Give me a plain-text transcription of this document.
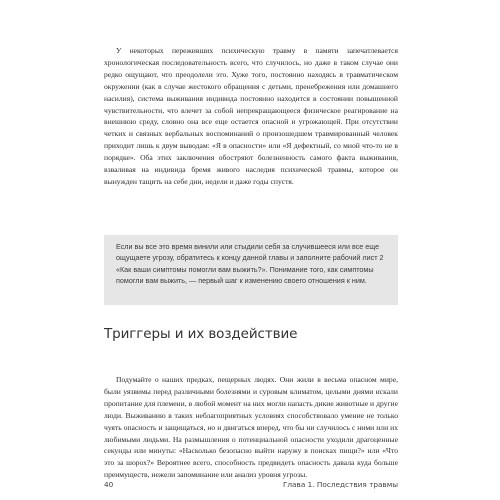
У некоторых переживших психическую травму в памяти запечатлевается хронологическая последовательность всего, что случилось, но даже в таком случае они редко ощущают, что преодолели это. Хуже того, постоянно находясь в травматическом окружении (как в случае жестокого обращения с детьми, пренебрежения или домашнего насилия), система выживания индивида постоянно находится в состоянии повышенной чувствительности, что влечет за собой непрекращающееся физическое реагирование на внешнюю среду, словно она все еще остается опасной и угрожающей. При отсутствии четких и связных вербальных воспоминаний о произошедшем травмированный человек приходит лишь к двум выводам: «Я в опасности» или «Я дефектный, со мной что-то не в порядке». Оба этих заключения обостряют болезненность самого факта выживания, взваливая на индивида бремя живого наследия психической травмы, которое он вынужден тащить на себе дни, недели и даже годы спустя.

Если вы все это время винили или стыдили себя за случившееся или все еще ощущаете угрозу, обратитесь к концу данной главы и заполните рабочий лист 2 «Как ваши симптомы помогли вам выжить?». Понимание того, как симптомы помогли вам выжить, — первый шаг к изменению своего отношения к ним.
Триггеры и их воздействие

Подумайте о наших предках, пещерных людях. Они жили в весьма опасном мире, были уязвимы перед различными болезнями и суровым климатом, целыми днями искали пропитание для племени, в любой момент на них могли напасть дикие животные и другие люди. Выживанию в таких неблагоприятных условиях способствовало умение не только чуять опасность и защищаться, но и двигаться вперед, что бы ни случилось с ними или их любимыми людьми. На размышления о потенциальной опасности уходили драгоценные секунды или минуты: «Насколько безопасно выйти наружу в поисках пищи?» или «Что это за шорох?» Вероятнее всего, способность предвидеть опасность давала куда больше преимуществ, нежели запоминание или анализ уровня угрозы.

40	Глава 1. Последствия травмы
